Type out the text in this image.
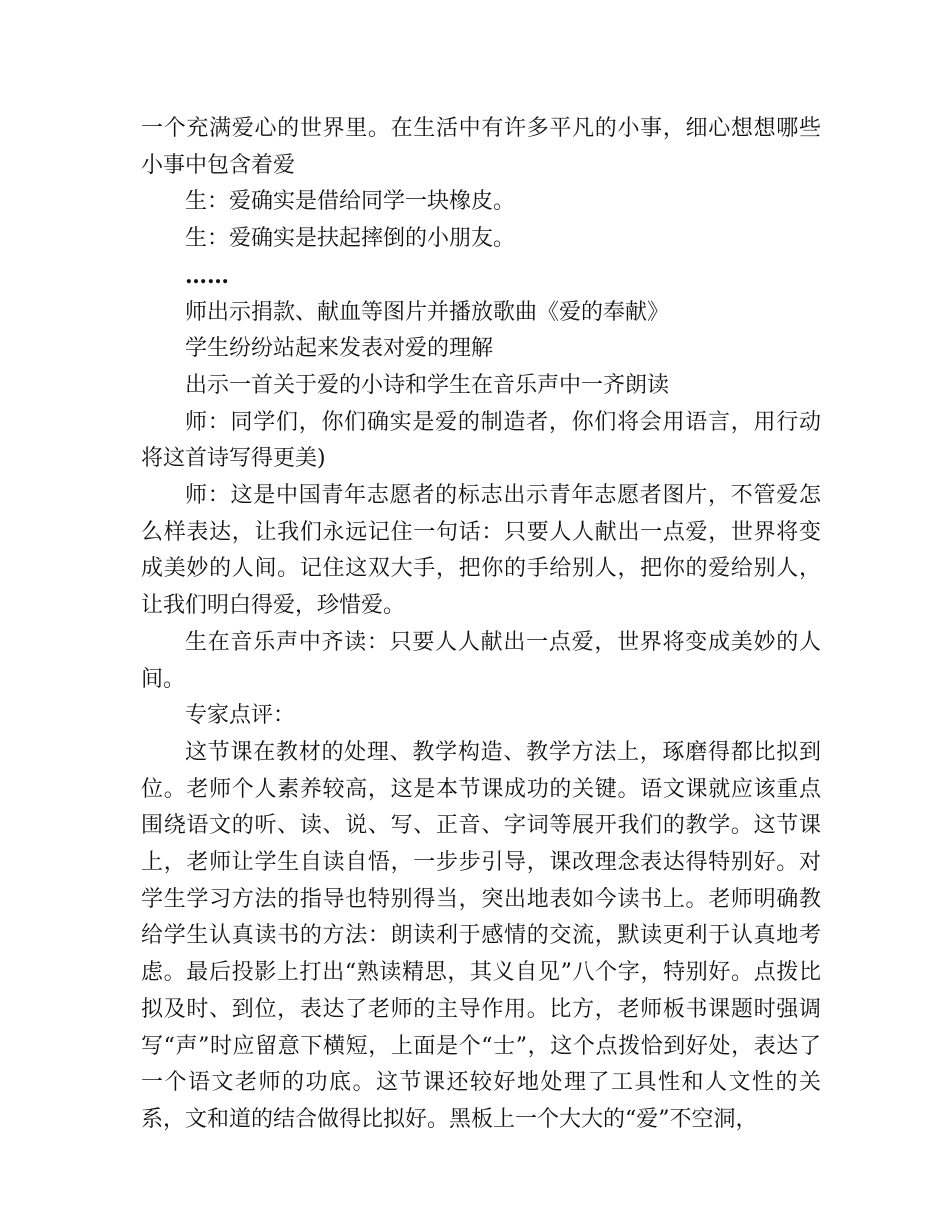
一个充满爱心的世界里。在生活中有许多平凡的小事，细心想想哪些小事中包含着爱

生：爱确实是借给同学一块橡皮。

生：爱确实是扶起摔倒的小朋友。

……

师出示捐款、献血等图片并播放歌曲《爱的奉献》

学生纷纷站起来发表对爱的理解

出示一首关于爱的小诗和学生在音乐声中一齐朗读

师：同学们，你们确实是爱的制造者，你们将会用语言，用行动将这首诗写得更美)

师：这是中国青年志愿者的标志出示青年志愿者图片，不管爱怎么样表达，让我们永远记住一句话：只要人人献出一点爱，世界将变成美妙的人间。记住这双大手，把你的手给别人，把你的爱给别人，让我们明白得爱，珍惜爱。

生在音乐声中齐读：只要人人献出一点爱，世界将变成美妙的人间。

专家点评：

这节课在教材的处理、教学构造、教学方法上，琢磨得都比拟到位。老师个人素养较高，这是本节课成功的关键。语文课就应该重点围绕语文的听、读、说、写、正音、字词等展开我们的教学。这节课上，老师让学生自读自悟，一步步引导，课改理念表达得特别好。对学生学习方法的指导也特别得当，突出地表如今读书上。老师明确教给学生认真读书的方法：朗读利于感情的交流，默读更利于认真地考虑。最后投影上打出“熟读精思，其义自见”八个字，特别好。点拨比拟及时、到位，表达了老师的主导作用。比方，老师板书课题时强调写“声”时应留意下横短，上面是个“士”，这个点拨恰到好处，表达了一个语文老师的功底。这节课还较好地处理了工具性和人文性的关系，文和道的结合做得比拟好。黑板上一个大大的“爱”不空洞，
